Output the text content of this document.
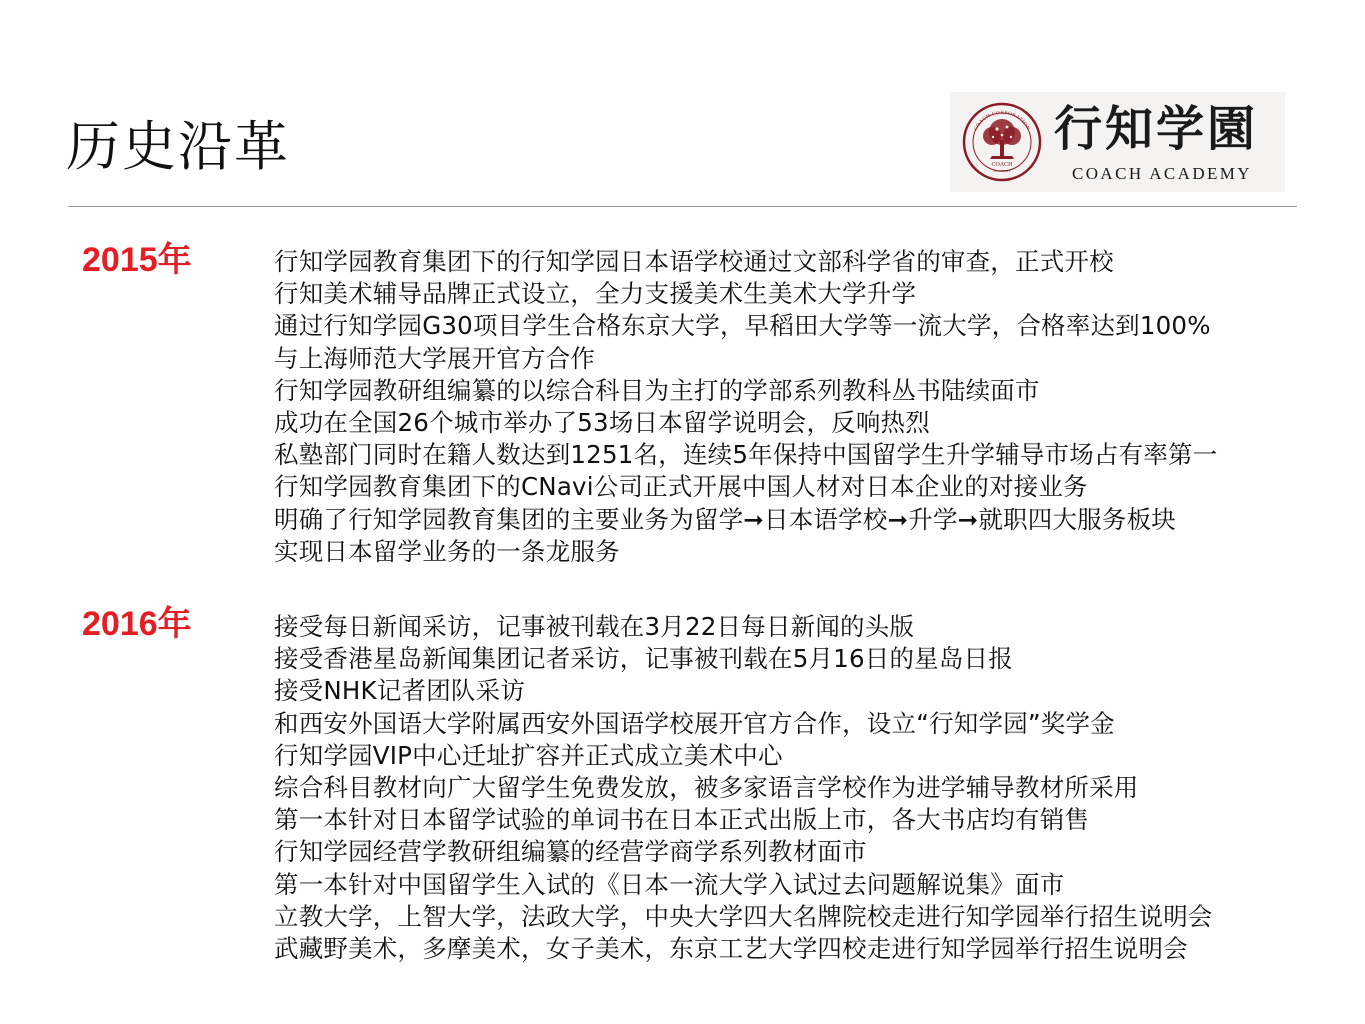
历史沿革	COACH
ACADEMY
COACH CORPORATION 行知学園
COACH ACADEMY
2015年	行知学园教育集团下的行知学园日本语学校通过文部科学省的审查，正式开校
行知美术辅导品牌正式设立，全力支援美术生美术大学升学
通过行知学园G30项目学生合格东京大学，早稻田大学等一流大学，合格率达到100%
与上海师范大学展开官方合作
行知学园教研组编纂的以综合科目为主打的学部系列教科丛书陆续面市
成功在全国26个城市举办了53场日本留学说明会，反响热烈
私塾部门同时在籍人数达到1251名，连续5年保持中国留学生升学辅导市场占有率第一
行知学园教育集团下的CNavi公司正式开展中国人材对日本企业的对接业务
明确了行知学园教育集团的主要业务为留学➞日本语学校➞升学➞就职四大服务板块
实现日本留学业务的一条龙服务
2016年	接受每日新闻采访，记事被刊载在3月22日每日新闻的头版
接受香港星岛新闻集团记者采访，记事被刊载在5月16日的星岛日报
接受NHK记者团队采访
和西安外国语大学附属西安外国语学校展开官方合作，设立“行知学园”奖学金
行知学园VIP中心迁址扩容并正式成立美术中心
综合科目教材向广大留学生免费发放，被多家语言学校作为进学辅导教材所采用
第一本针对日本留学试验的单词书在日本正式出版上市，各大书店均有销售
行知学园经营学教研组编纂的经营学商学系列教材面市
第一本针对中国留学生入试的《日本一流大学入试过去问题解说集》面市
立教大学，上智大学，法政大学，中央大学四大名牌院校走进行知学园举行招生说明会
武藏野美术，多摩美术，女子美术，东京工艺大学四校走进行知学园举行招生说明会
